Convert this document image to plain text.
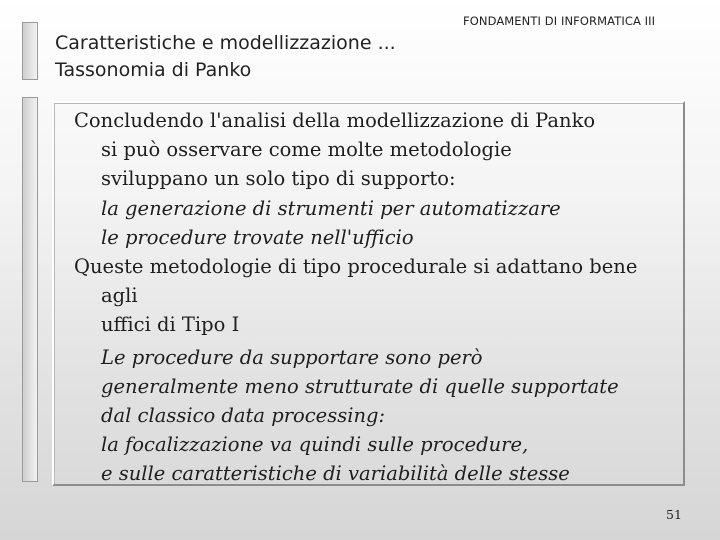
Caratteristiche e modellizzazione ...
Tassonomia di Panko
FONDAMENTI DI INFORMATICA III

Concludendo l'analisi della modellizzazione di Panko
si può osservare come molte metodologie
sviluppano un solo tipo di supporto:

la generazione di strumenti per automatizzare
le procedure trovate nell'ufficio

Queste metodologie di tipo procedurale si adattano bene agli
uffici di Tipo I

Le procedure da supportare sono però
generalmente meno strutturate di quelle supportate
dal classico data processing:
la focalizzazione va quindi sulle procedure,
e sulle caratteristiche di variabilità delle stesse

51
